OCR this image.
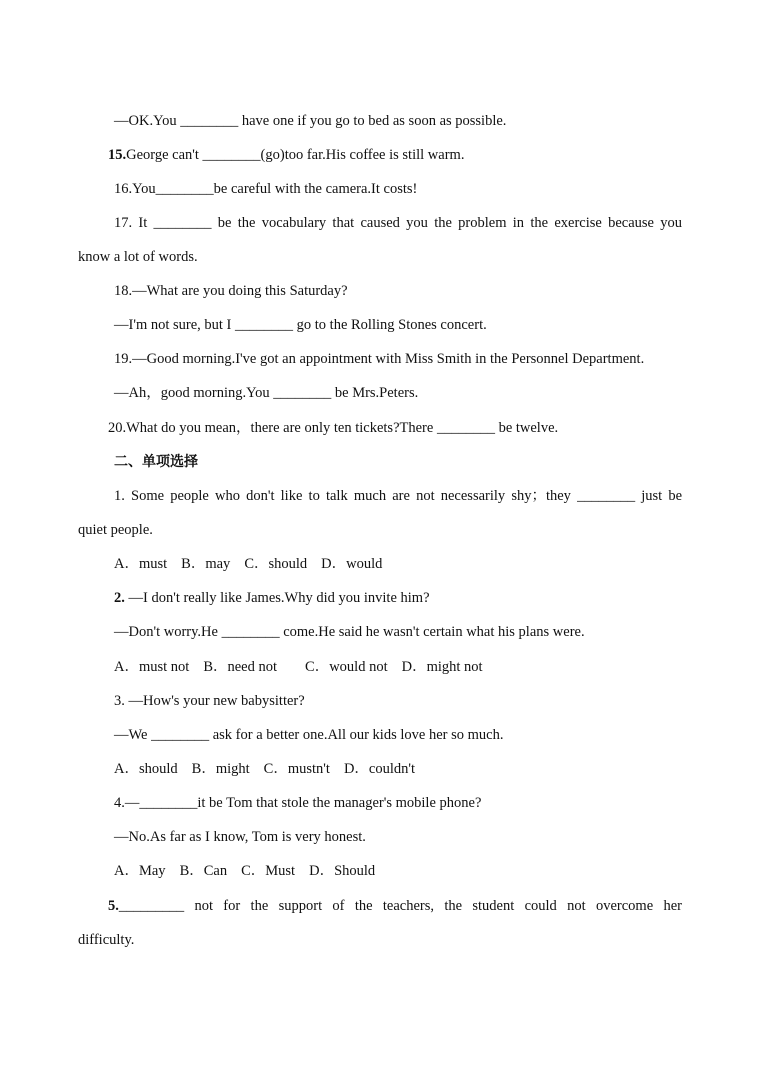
—OK.You ________ have one if you go to bed as soon as possible.
15.George can't ________(go)too far.His coffee is still warm.
16.You________be careful with the camera.It costs!
17. It ________ be the vocabulary that caused you the problem in the exercise because you
know a lot of words.
18.—What are you doing this Saturday?
—I'm not sure, but I ________ go to the Rolling Stones concert.
19.—Good morning.I've got an appointment with Miss Smith in the Personnel Department.
—Ah，good morning.You ________ be Mrs.Peters.
20.What do you mean，there are only ten tickets?There ________ be twelve.
二、单项选择
1. Some people who don't like to talk much are not necessarily shy；they ________ just be
quiet people.
A．must B．may C．should D．would
2. —I don't really like James.Why did you invite him?
—Don't worry.He ________ come.He said he wasn't certain what his plans were.
A．must not B．need not C．would not D．might not
3. —How's your new babysitter?
—We ________ ask for a better one.All our kids love her so much.
A．should B．might C．mustn't D．couldn't
4.—________it be Tom that stole the manager's mobile phone?
—No.As far as I know, Tom is very honest.
A．May B．Can C．Must D．Should
5. _________ not for the support of the teachers, the student could not overcome her
difficulty.
